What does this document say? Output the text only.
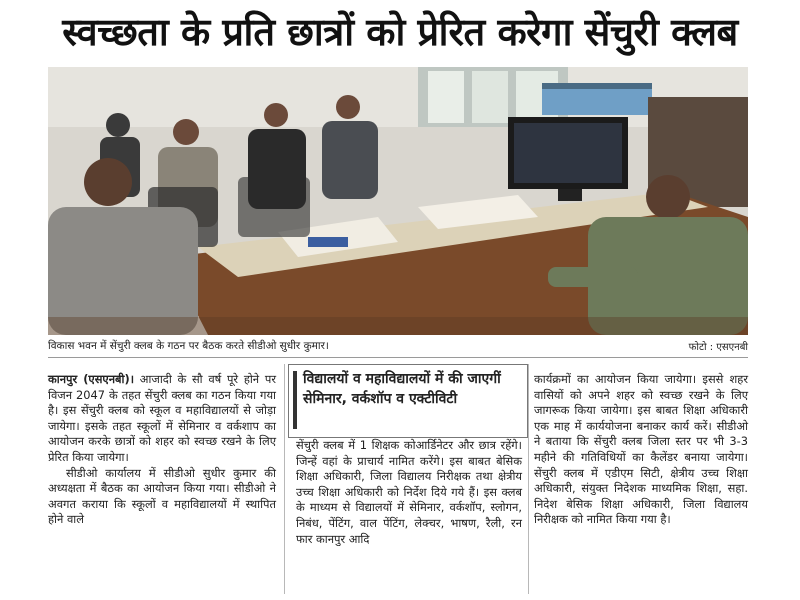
स्वच्छता के प्रति छात्रों को प्रेरित करेगा सेंचुरी क्लब
विकास भवन में सेंचुरी क्लब के गठन पर बैठक करते सीडीओ सुधीर कुमार।	फोटो : एसएनबी

कानपुर (एसएनबी)। आजादी के सौ वर्ष पूरे होने पर विजन 2047 के तहत सेंचुरी क्लब का गठन किया गया है। इस सेंचुरी क्लब को स्कूल व महाविद्यालयों से जोड़ा जायेगा। इसके तहत स्कूलों में सेमिनार व वर्कशाप का आयोजन करके छात्रों को शहर को स्वच्छ रखने के लिए प्रेरित किया जायेगा।

सीडीओ कार्यालय में सीडीओ सुधीर कुमार की अध्यक्षता में बैठक का आयोजन किया गया। सीडीओ ने अवगत कराया कि स्कूलों व महाविद्यालयों में स्थापित होने वाले

विद्यालयों व महाविद्यालयों में की जाएगीं सेमिनार, वर्कशॉप व एक्टीविटी

सेंचुरी क्लब में 1 शिक्षक कोआर्डिनेटर और छात्र रहेंगे। जिन्हें वहां के प्राचार्य नामित करेंगे। इस बाबत बेसिक शिक्षा अधिकारी, जिला विद्यालय निरीक्षक तथा क्षेत्रीय उच्च शिक्षा अधिकारी को निर्देश दिये गये हैं। इस क्लब के माध्यम से विद्यालयों में सेमिनार, वर्कशॉप, स्लोगन, निबंध, पेंटिंग, वाल पेंटिंग, लेक्चर, भाषण, रैली, रन फार कानपुर आदि

कार्यक्रमों का आयोजन किया जायेगा। इससे शहर वासियों को अपने शहर को स्वच्छ रखने के लिए जागरूक किया जायेगा। इस बाबत शिक्षा अधिकारी एक माह में कार्ययोजना बनाकर कार्य करें। सीडीओ ने बताया कि सेंचुरी क्लब जिला स्तर पर भी 3-3 महीने की गतिविधियों का कैलेंडर बनाया जायेगा। सेंचुरी क्लब में एडीएम सिटी, क्षेत्रीय उच्च शिक्षा अधिकारी, संयुक्त निदेशक माध्यमिक शिक्षा, सहा. निदेश बेसिक शिक्षा अधिकारी, जिला विद्यालय निरीक्षक को नामित किया गया है।
